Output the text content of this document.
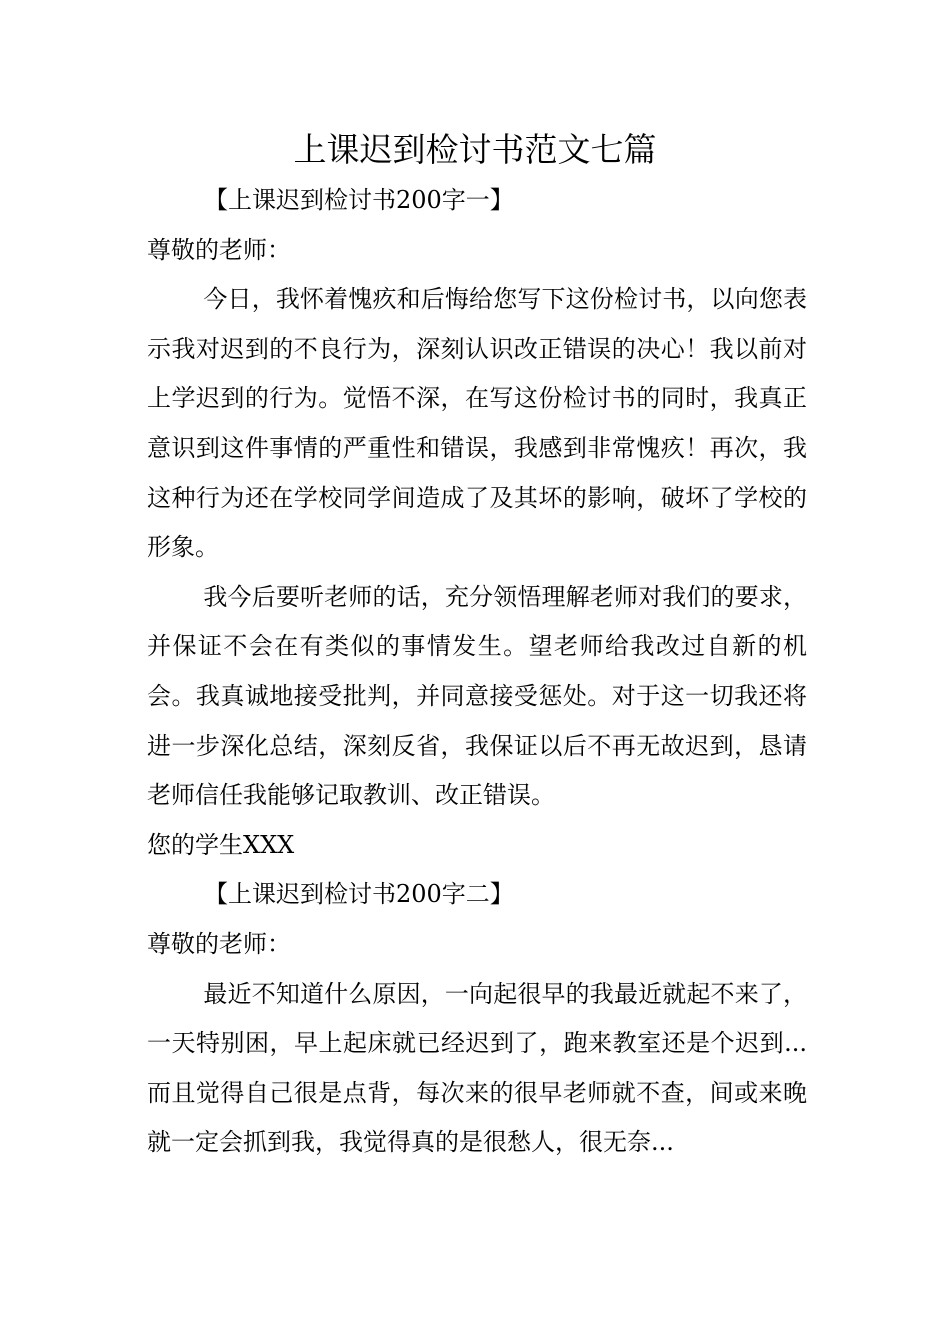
上课迟到检讨书范文七篇

【上课迟到检讨书200字一】

尊敬的老师：

今日，我怀着愧疚和后悔给您写下这份检讨书，以向您表示我对迟到的不良行为，深刻认识改正错误的决心！我以前对上学迟到的行为。觉悟不深，在写这份检讨书的同时，我真正意识到这件事情的严重性和错误，我感到非常愧疚！再次，我这种行为还在学校同学间造成了及其坏的影响，破坏了学校的形象。

我今后要听老师的话，充分领悟理解老师对我们的要求，并保证不会在有类似的事情发生。望老师给我改过自新的机会。我真诚地接受批判，并同意接受惩处。对于这一切我还将进一步深化总结，深刻反省，我保证以后不再无故迟到，恳请老师信任我能够记取教训、改正错误。

您的学生XXX

【上课迟到检讨书200字二】

尊敬的老师：

最近不知道什么原因，一向起很早的我最近就起不来了，一天特别困，早上起床就已经迟到了，跑来教室还是个迟到...而且觉得自己很是点背，每次来的很早老师就不查，间或来晚就一定会抓到我，我觉得真的是很愁人，很无奈...
